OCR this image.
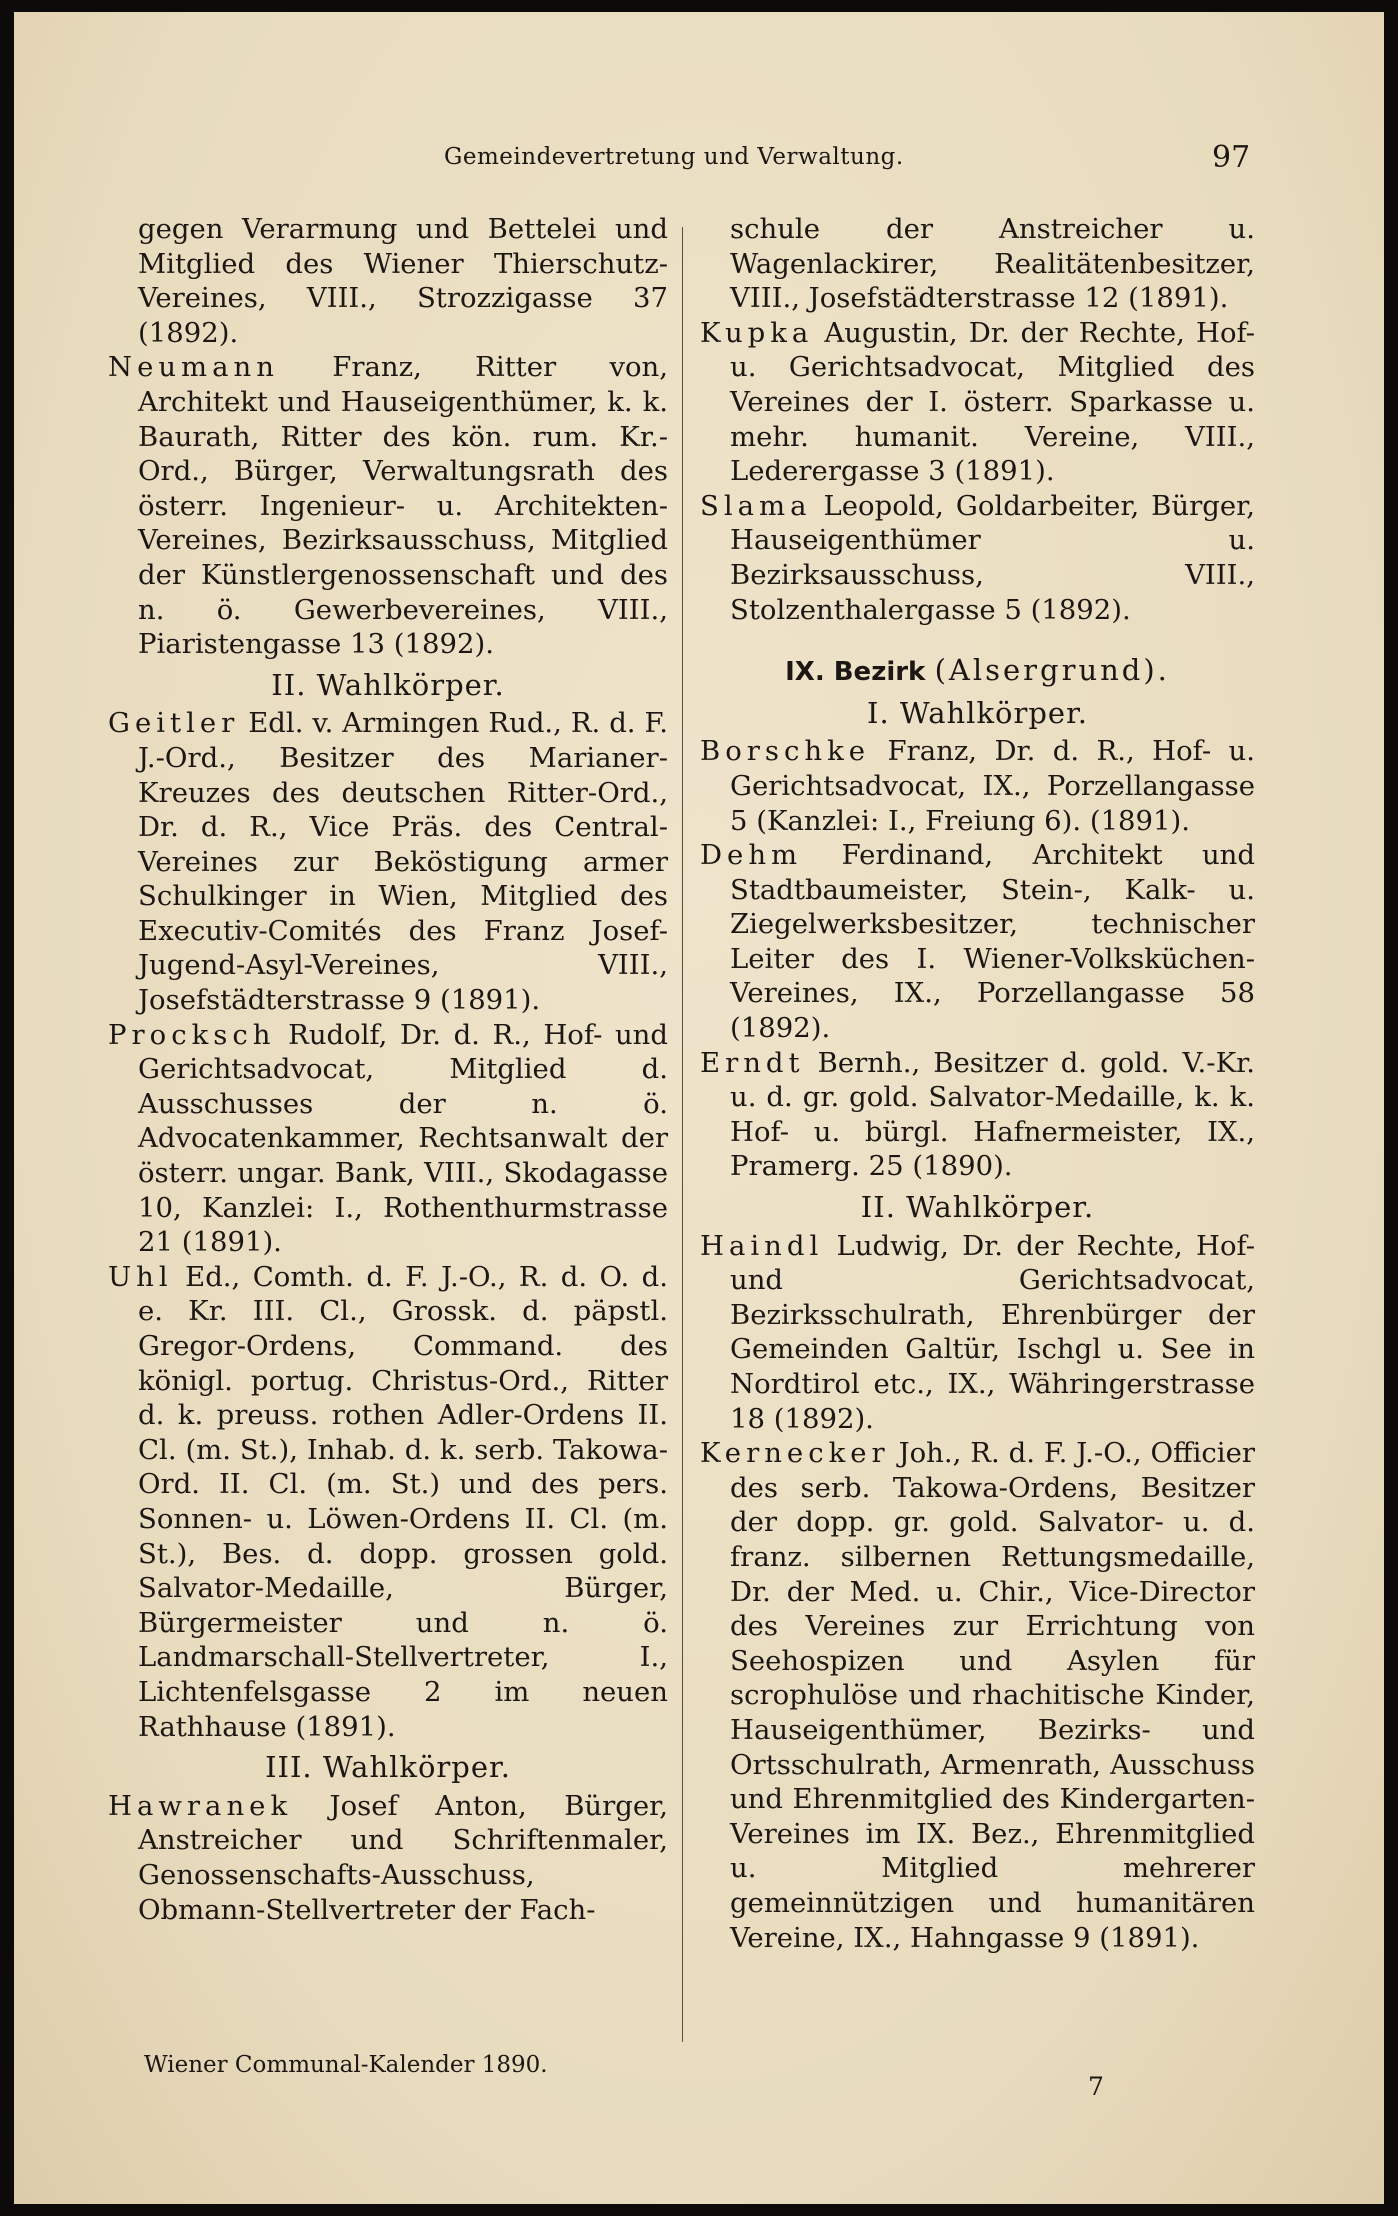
Gemeindevertretung und Verwaltung.	97

gegen Verarmung und Bettelei und Mitglied des Wiener Thierschutz-Vereines, VIII., Strozzigasse 37 (1892).

Neumann Franz, Ritter von, Architekt und Hauseigenthümer, k. k. Baurath, Ritter des kön. rum. Kr.-Ord., Bürger, Verwaltungsrath des österr. Ingenieur- u. Architekten-Vereines, Bezirksausschuss, Mitglied der Künstlergenossenschaft und des n. ö. Gewerbevereines, VIII., Piaristengasse 13 (1892).

II. Wahlkörper.

Geitler Edl. v. Armingen Rud., R. d. F. J.-Ord., Besitzer des Marianer-Kreuzes des deutschen Ritter-Ord., Dr. d. R., Vice Präs. des Central-Vereines zur Beköstigung armer Schulkinger in Wien, Mitglied des Executiv-Comités des Franz Josef-Jugend-Asyl-Vereines, VIII., Josefstädterstrasse 9 (1891).

Procksch Rudolf, Dr. d. R., Hof- und Gerichtsadvocat, Mitglied d. Ausschusses der n. ö. Advocatenkammer, Rechtsanwalt der österr. ungar. Bank, VIII., Skodagasse 10, Kanzlei: I., Rothenthurmstrasse 21 (1891).

Uhl Ed., Comth. d. F. J.-O., R. d. O. d. e. Kr. III. Cl., Grossk. d. päpstl. Gregor-Ordens, Command. des königl. portug. Christus-Ord., Ritter d. k. preuss. rothen Adler-Ordens II. Cl. (m. St.), Inhab. d. k. serb. Takowa-Ord. II. Cl. (m. St.) und des pers. Sonnen- u. Löwen-Ordens II. Cl. (m. St.), Bes. d. dopp. grossen gold. Salvator-Medaille, Bürger, Bürgermeister und n. ö. Landmarschall-Stellvertreter, I., Lichtenfelsgasse 2 im neuen Rathhause (1891).

III. Wahlkörper.

Hawranek Josef Anton, Bürger, Anstreicher und Schriftenmaler, Genossenschafts-Ausschuss, Obmann-Stellvertreter der Fach-

schule der Anstreicher u. Wagenlackirer, Realitätenbesitzer, VIII., Josefstädterstrasse 12 (1891).

Kupka Augustin, Dr. der Rechte, Hof- u. Gerichtsadvocat, Mitglied des Vereines der I. österr. Sparkasse u. mehr. humanit. Vereine, VIII., Lederergasse 3 (1891).

Slama Leopold, Goldarbeiter, Bürger, Hauseigenthümer u. Bezirksausschuss, VIII., Stolzenthalergasse 5 (1892).

IX. Bezirk (Alsergrund).
I. Wahlkörper.

Borschke Franz, Dr. d. R., Hof- u. Gerichtsadvocat, IX., Porzellangasse 5 (Kanzlei: I., Freiung 6). (1891).

Dehm Ferdinand, Architekt und Stadtbaumeister, Stein-, Kalk- u. Ziegelwerksbesitzer, technischer Leiter des I. Wiener-Volksküchen-Vereines, IX., Porzellangasse 58 (1892).

Erndt Bernh., Besitzer d. gold. V.-Kr. u. d. gr. gold. Salvator-Medaille, k. k. Hof- u. bürgl. Hafnermeister, IX., Pramerg. 25 (1890).

II. Wahlkörper.

Haindl Ludwig, Dr. der Rechte, Hof- und Gerichtsadvocat, Bezirksschulrath, Ehrenbürger der Gemeinden Galtür, Ischgl u. See in Nordtirol etc., IX., Währingerstrasse 18 (1892).

Kernecker Joh., R. d. F. J.-O., Officier des serb. Takowa-Ordens, Besitzer der dopp. gr. gold. Salvator- u. d. franz. silbernen Rettungsmedaille, Dr. der Med. u. Chir., Vice-Director des Vereines zur Errichtung von Seehospizen und Asylen für scrophulöse und rhachitische Kinder, Hauseigenthümer, Bezirks- und Ortsschulrath, Armenrath, Ausschuss und Ehrenmitglied des Kindergarten-Vereines im IX. Bez., Ehrenmitglied u. Mitglied mehrerer gemeinnützigen und humanitären Vereine, IX., Hahngasse 9 (1891).

Wiener Communal-Kalender 1890.
7
